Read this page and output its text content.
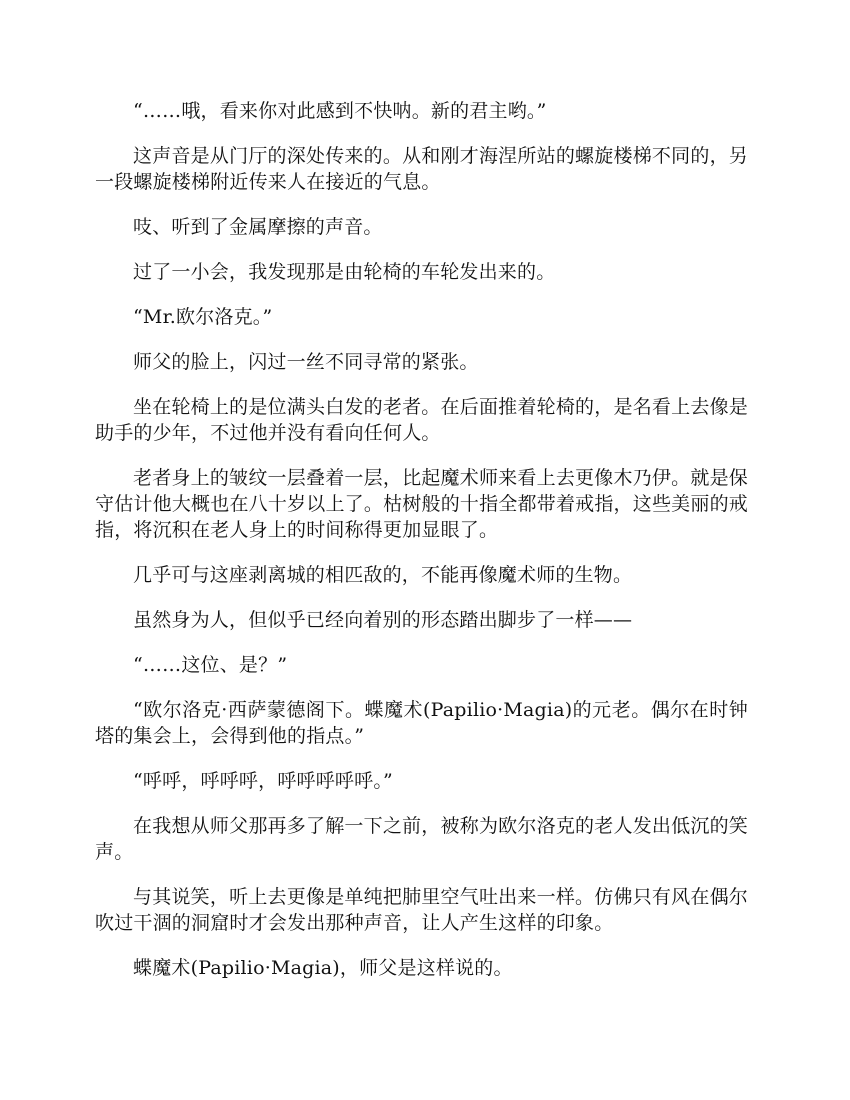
“……哦，看来你对此感到不快呐。新的君主哟。”

这声音是从门厅的深处传来的。从和刚才海涅所站的螺旋楼梯不同的，另一段螺旋楼梯附近传来人在接近的气息。

吱、听到了金属摩擦的声音。

过了一小会，我发现那是由轮椅的车轮发出来的。

“Mr.欧尔洛克。”

师父的脸上，闪过一丝不同寻常的紧张。

坐在轮椅上的是位满头白发的老者。在后面推着轮椅的，是名看上去像是助手的少年，不过他并没有看向任何人。

老者身上的皱纹一层叠着一层，比起魔术师来看上去更像木乃伊。就是保守估计他大概也在八十岁以上了。枯树般的十指全都带着戒指，这些美丽的戒指，将沉积在老人身上的时间称得更加显眼了。

几乎可与这座剥离城的相匹敌的，不能再像魔术师的生物。

虽然身为人，但似乎已经向着别的形态踏出脚步了一样——

“……这位、是？”

“欧尔洛克·西萨蒙德阁下。蝶魔术(Papilio·Magia)的元老。偶尔在时钟塔的集会上，会得到他的指点。”

“呼呼，呼呼呼，呼呼呼呼呼。”

在我想从师父那再多了解一下之前，被称为欧尔洛克的老人发出低沉的笑声。

与其说笑，听上去更像是单纯把肺里空气吐出来一样。仿佛只有风在偶尔吹过干涸的洞窟时才会发出那种声音，让人产生这样的印象。

蝶魔术(Papilio·Magia)，师父是这样说的。
